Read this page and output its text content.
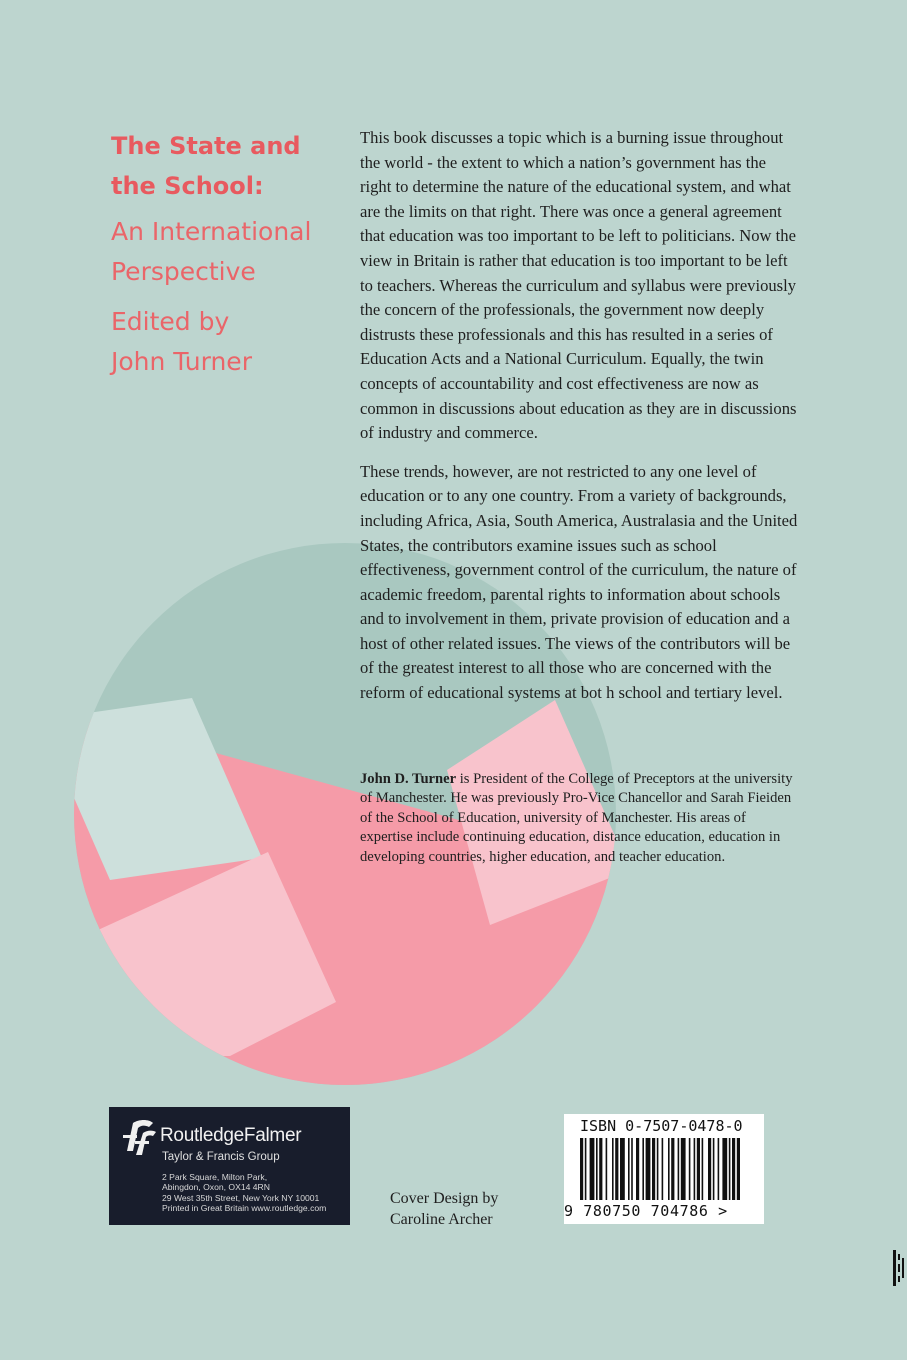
The State and

the School:

An International

Perspective

Edited by

John Turner

This book discusses a topic which is a burning issue throughout the world - the extent to which a nation’s government has the right to determine the nature of the educational system, and what are the limits on that right. There was once a general agreement that education was too important to be left to politicians. Now the view in Britain is rather that education is too important to be left to teachers. Whereas the curriculum and syllabus were previously the concern of the professionals, the government now deeply distrusts these professionals and this has resulted in a series of Education Acts and a National Curriculum. Equally, the twin concepts of accountability and cost effectiveness are now as common in discussions about education as they are in discussions of industry and commerce.

These trends, however, are not restricted to any one level of education or to any one country. From a variety of backgrounds, including Africa, Asia, South America, Australasia and the United States, the contributors examine issues such as school effectiveness, government control of the curriculum, the nature of academic freedom, parental rights to information about schools and to involvement in them, private provision of education and a host of other related issues. The views of the contributors will be of the greatest interest to all those who are concerned with the reform of educational systems at bot h school and tertiary level.

John D. Turner is President of the College of Preceptors at the university of Manchester. He was previously Pro-Vice Chancellor and Sarah Fieiden of the School of Education, university of Manchester. His areas of expertise include continuing education, distance education, education in developing countries, higher education, and teacher education.
RoutledgeFalmer
Taylor & Francis Group
2 Park Square, Milton Park,
Abingdon, Oxon, OX14 4RN
29 West 35th Street, New York NY 10001
Printed in Great Britain www.routledge.com
Cover Design by
Caroline Archer
ISBN 0-7507-0478-0
9 780750 704786 >
